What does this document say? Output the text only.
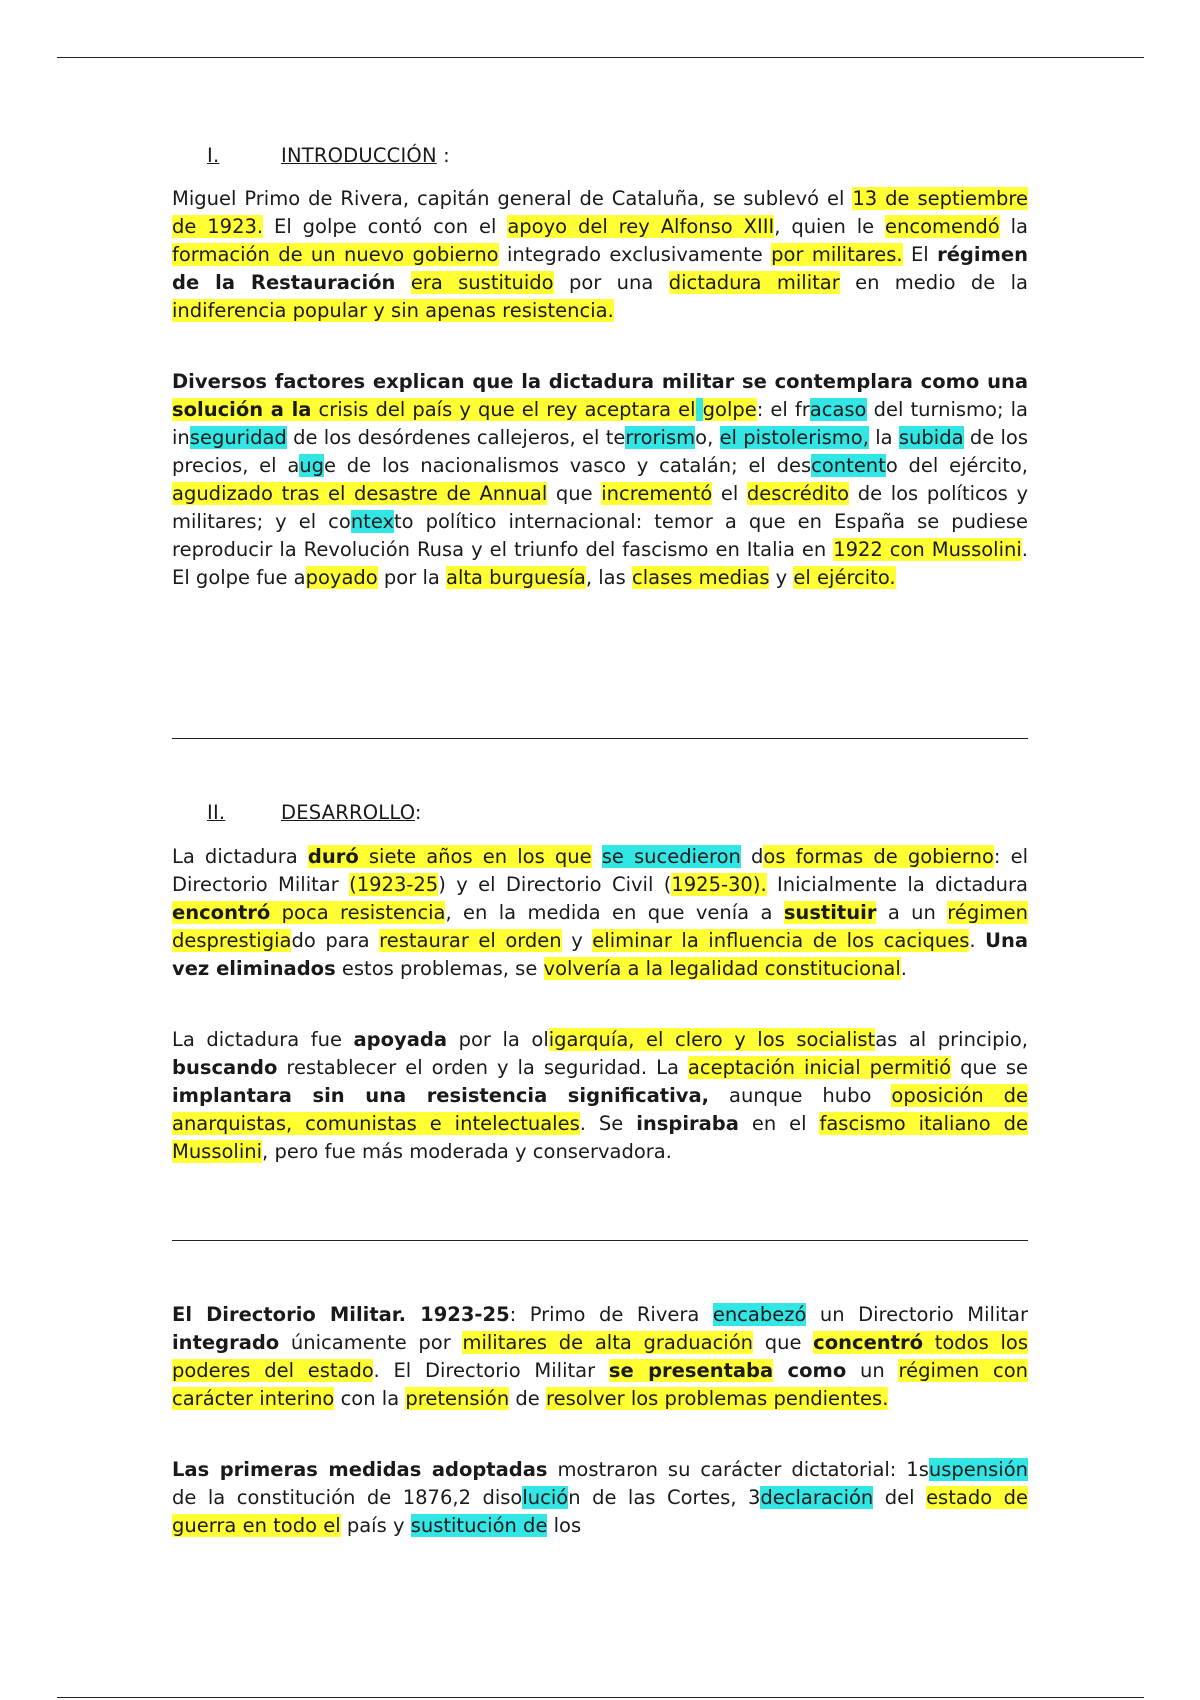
I.	INTRODUCCIÓN :
Miguel Primo de Rivera, capitán general de Cataluña, se sublevó el 13 de septiembre de 1923. El golpe contó con el apoyo del rey Alfonso XIII, quien le encomendó la formación de un nuevo gobierno integrado exclusivamente por militares. El régimen de la Restauración era sustituido por una dictadura militar en medio de la indiferencia popular y sin apenas resistencia.
Diversos factores explican que la dictadura militar se contemplara como una solución a la crisis del país y que el rey aceptara el golpe: el fracaso del turnismo; la inseguridad de los desórdenes callejeros, el terrorismo, el pistolerismo, la subida de los precios, el auge de los nacionalismos vasco y catalán; el descontento del ejército, agudizado tras el desastre de Annual que incrementó el descrédito de los políticos y militares; y el contexto político internacional: temor a que en España se pudiese reproducir la Revolución Rusa y el triunfo del fascismo en Italia en 1922 con Mussolini. El golpe fue apoyado por la alta burguesía, las clases medias y el ejército.
II.	DESARROLLO:
La dictadura duró siete años en los que se sucedieron dos formas de gobierno: el Directorio Militar (1923-25) y el Directorio Civil (1925-30). Inicialmente la dictadura encontró poca resistencia, en la medida en que venía a sustituir a un régimen desprestigiado para restaurar el orden y eliminar la influencia de los caciques. Una vez eliminados estos problemas, se volvería a la legalidad constitucional.
La dictadura fue apoyada por la oligarquía, el clero y los socialistas al principio, buscando restablecer el orden y la seguridad. La aceptación inicial permitió que se implantara sin una resistencia significativa, aunque hubo oposición de anarquistas, comunistas e intelectuales. Se inspiraba en el fascismo italiano de Mussolini, pero fue más moderada y conservadora.
El Directorio Militar. 1923-25: Primo de Rivera encabezó un Directorio Militar integrado únicamente por militares de alta graduación que concentró todos los poderes del estado. El Directorio Militar se presentaba como un régimen con carácter interino con la pretensión de resolver los problemas pendientes.
Las primeras medidas adoptadas mostraron su carácter dictatorial: 1suspensión de la constitución de 1876,2 disolución de las Cortes, 3declaración del estado de guerra en todo el país y sustitución de los
